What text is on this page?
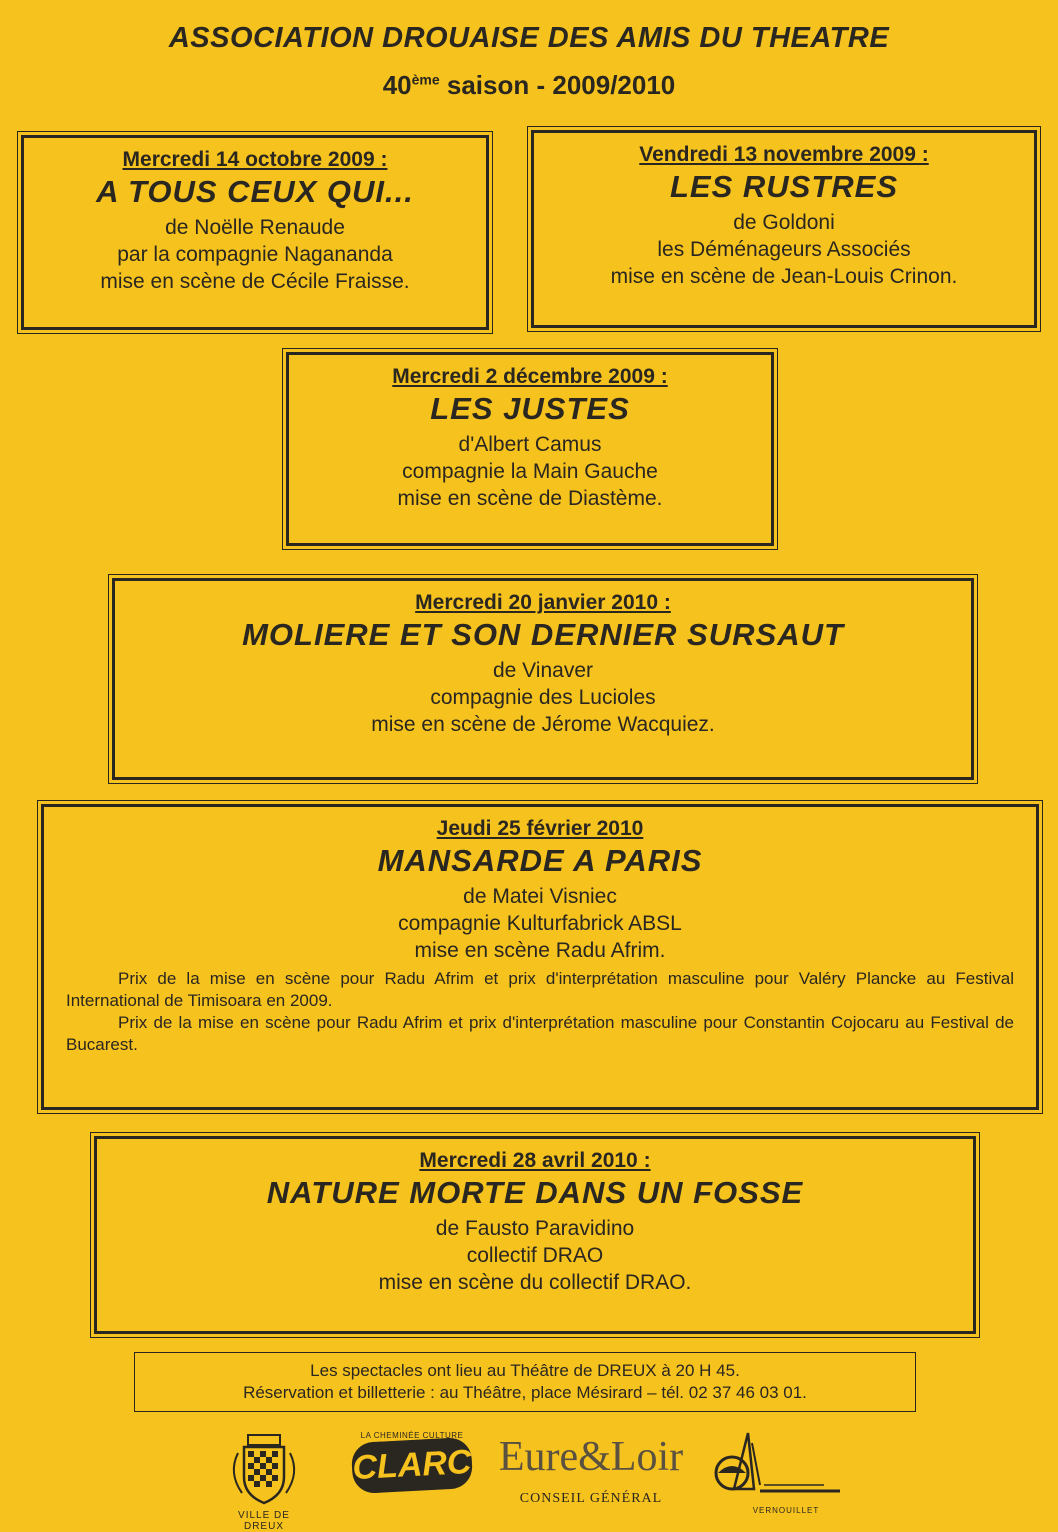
ASSOCIATION DROUAISE DES AMIS DU THEATRE
40ème saison - 2009/2010
Mercredi 14 octobre 2009 :
A TOUS CEUX QUI...
de Noëlle Renaude
par la compagnie Nagananda
mise en scène de Cécile Fraisse.
Vendredi 13 novembre 2009 :
LES RUSTRES
de Goldoni
les Déménageurs Associés
mise en scène de Jean-Louis Crinon.
Mercredi 2 décembre 2009 :
LES JUSTES
d'Albert Camus
compagnie la Main Gauche
mise en scène de Diastème.
Mercredi 20 janvier 2010 :
MOLIERE ET SON DERNIER SURSAUT
de Vinaver
compagnie des Lucioles
mise en scène de Jérome Wacquiez.
Jeudi 25 février 2010
MANSARDE A PARIS
de Matei Visniec
compagnie Kulturfabrick ABSL
mise en scène Radu Afrim.

Prix de la mise en scène pour Radu Afrim et prix d'interprétation masculine pour Valéry Plancke au Festival International de Timisoara en 2009.

Prix de la mise en scène pour Radu Afrim et prix d'interprétation masculine pour Constantin Cojocaru au Festival de Bucarest.

Mercredi 28 avril 2010 :
NATURE MORTE DANS UN FOSSE
de Fausto Paravidino
collectif DRAO
mise en scène du collectif DRAO.
Les spectacles ont lieu au Théâtre de DREUX à 20 H 45.
Réservation et billetterie : au Théâtre, place Mésirard – tél. 02 37 46 03 01.
VILLE DE DREUX
LA CHEMINÉE CULTURE
CLARC Eure&Loir
CONSEIL GÉNÉRAL
VERNOUILLET
